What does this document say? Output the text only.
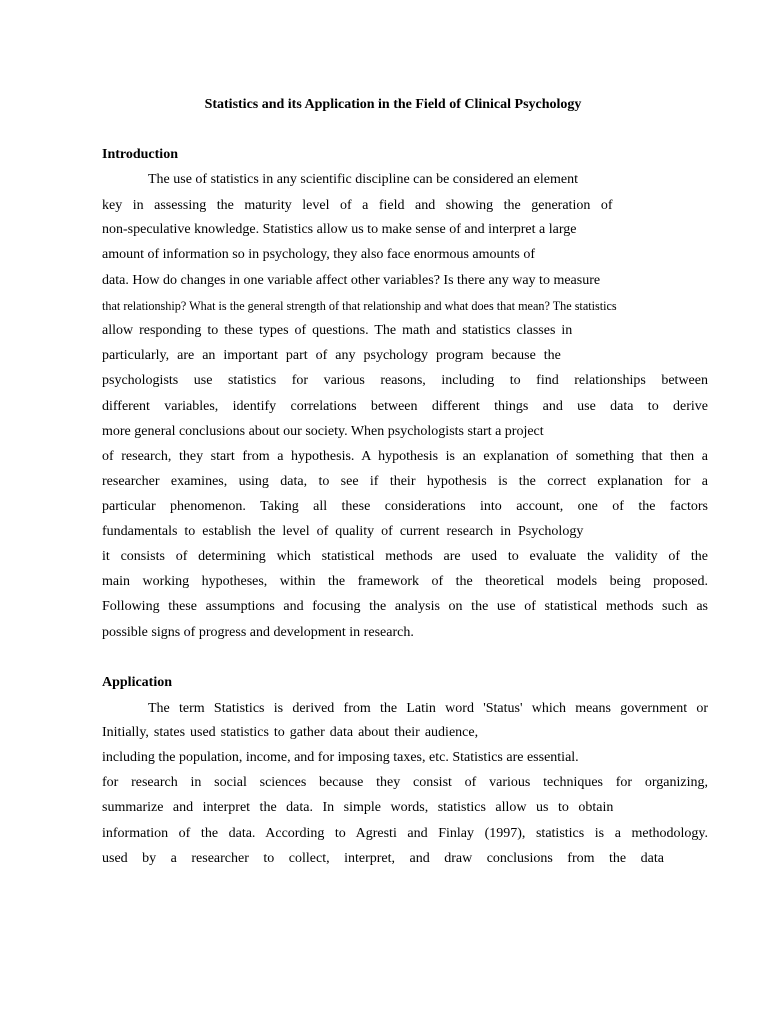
Statistics and its Application in the Field of Clinical Psychology
Introduction
The use of statistics in any scientific discipline can be considered an element
key in assessing the maturity level of a field and showing the generation of
non-speculative knowledge. Statistics allow us to make sense of and interpret a large
amount of information so in psychology, they also face enormous amounts of
data. How do changes in one variable affect other variables? Is there any way to measure
that relationship? What is the general strength of that relationship and what does that mean? The statistics
allow responding to these types of questions. The math and statistics classes in
particularly, are an important part of any psychology program because the
psychologists use statistics for various reasons, including to find relationships between
different variables, identify correlations between different things and use data to derive
more general conclusions about our society. When psychologists start a project
of research, they start from a hypothesis. A hypothesis is an explanation of something that then a
researcher examines, using data, to see if their hypothesis is the correct explanation for a
particular phenomenon. Taking all these considerations into account, one of the factors
fundamentals to establish the level of quality of current research in Psychology
it consists of determining which statistical methods are used to evaluate the validity of the
main working hypotheses, within the framework of the theoretical models being proposed.
Following these assumptions and focusing the analysis on the use of statistical methods such as
possible signs of progress and development in research.
Application
The term Statistics is derived from the Latin word 'Status' which means government or
Initially, states used statistics to gather data about their audience,
including the population, income, and for imposing taxes, etc. Statistics are essential.
for research in social sciences because they consist of various techniques for organizing,
summarize and interpret the data. In simple words, statistics allow us to obtain
information of the data. According to Agresti and Finlay (1997), statistics is a methodology.
used by a researcher to collect, interpret, and draw conclusions from the data
